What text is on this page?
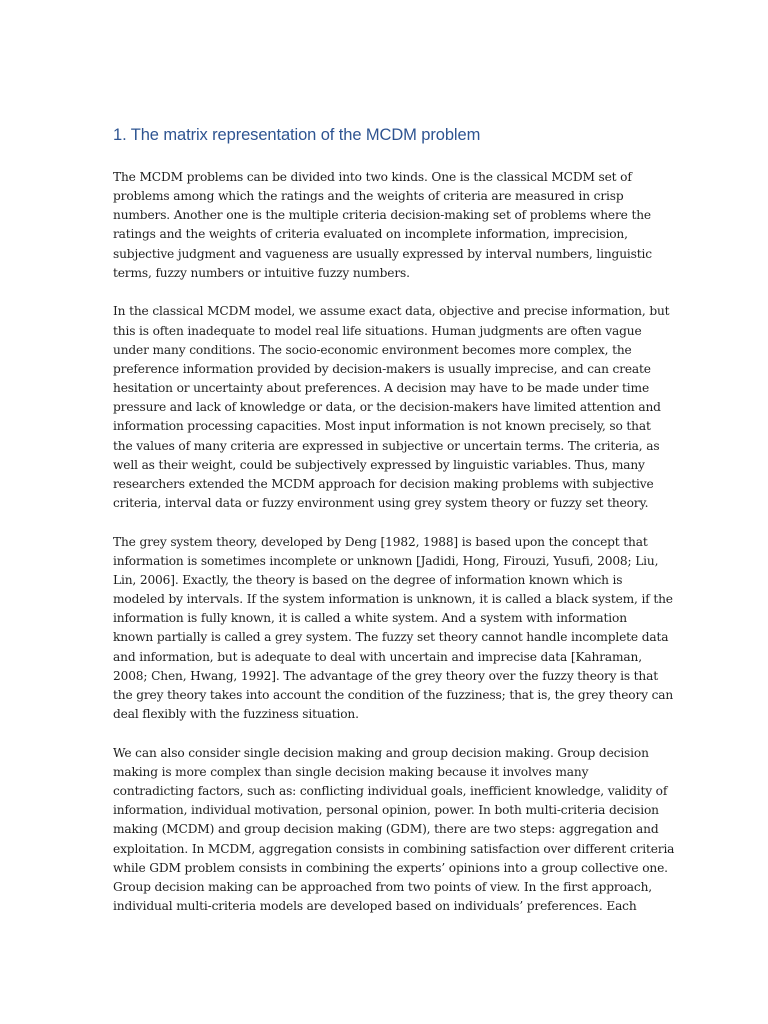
1. The matrix representation of the MCDM problem

The MCDM problems can be divided into two kinds. One is the classical MCDM set of
problems among which the ratings and the weights of criteria are measured in crisp
numbers. Another one is the multiple criteria decision-making set of problems where the
ratings and the weights of criteria evaluated on incomplete information, imprecision,
subjective judgment and vagueness are usually expressed by interval numbers, linguistic
terms, fuzzy numbers or intuitive fuzzy numbers.

In the classical MCDM model, we assume exact data, objective and precise information, but
this is often inadequate to model real life situations. Human judgments are often vague
under many conditions. The socio-economic environment becomes more complex, the
preference information provided by decision-makers is usually imprecise, and can create
hesitation or uncertainty about preferences. A decision may have to be made under time
pressure and lack of knowledge or data, or the decision-makers have limited attention and
information processing capacities. Most input information is not known precisely, so that
the values of many criteria are expressed in subjective or uncertain terms. The criteria, as
well as their weight, could be subjectively expressed by linguistic variables. Thus, many
researchers extended the MCDM approach for decision making problems with subjective
criteria, interval data or fuzzy environment using grey system theory or fuzzy set theory.

The grey system theory, developed by Deng [1982, 1988] is based upon the concept that
information is sometimes incomplete or unknown [Jadidi, Hong, Firouzi, Yusufi, 2008; Liu,
Lin, 2006]. Exactly, the theory is based on the degree of information known which is
modeled by intervals. If the system information is unknown, it is called a black system, if the
information is fully known, it is called a white system. And a system with information
known partially is called a grey system. The fuzzy set theory cannot handle incomplete data
and information, but is adequate to deal with uncertain and imprecise data [Kahraman,
2008; Chen, Hwang, 1992]. The advantage of the grey theory over the fuzzy theory is that
the grey theory takes into account the condition of the fuzziness; that is, the grey theory can
deal flexibly with the fuzziness situation.

We can also consider single decision making and group decision making. Group decision
making is more complex than single decision making because it involves many
contradicting factors, such as: conflicting individual goals, inefficient knowledge, validity of
information, individual motivation, personal opinion, power. In both multi-criteria decision
making (MCDM) and group decision making (GDM), there are two steps: aggregation and
exploitation. In MCDM, aggregation consists in combining satisfaction over different criteria
while GDM problem consists in combining the experts’ opinions into a group collective one.
Group decision making can be approached from two points of view. In the first approach,
individual multi-criteria models are developed based on individuals’ preferences. Each
